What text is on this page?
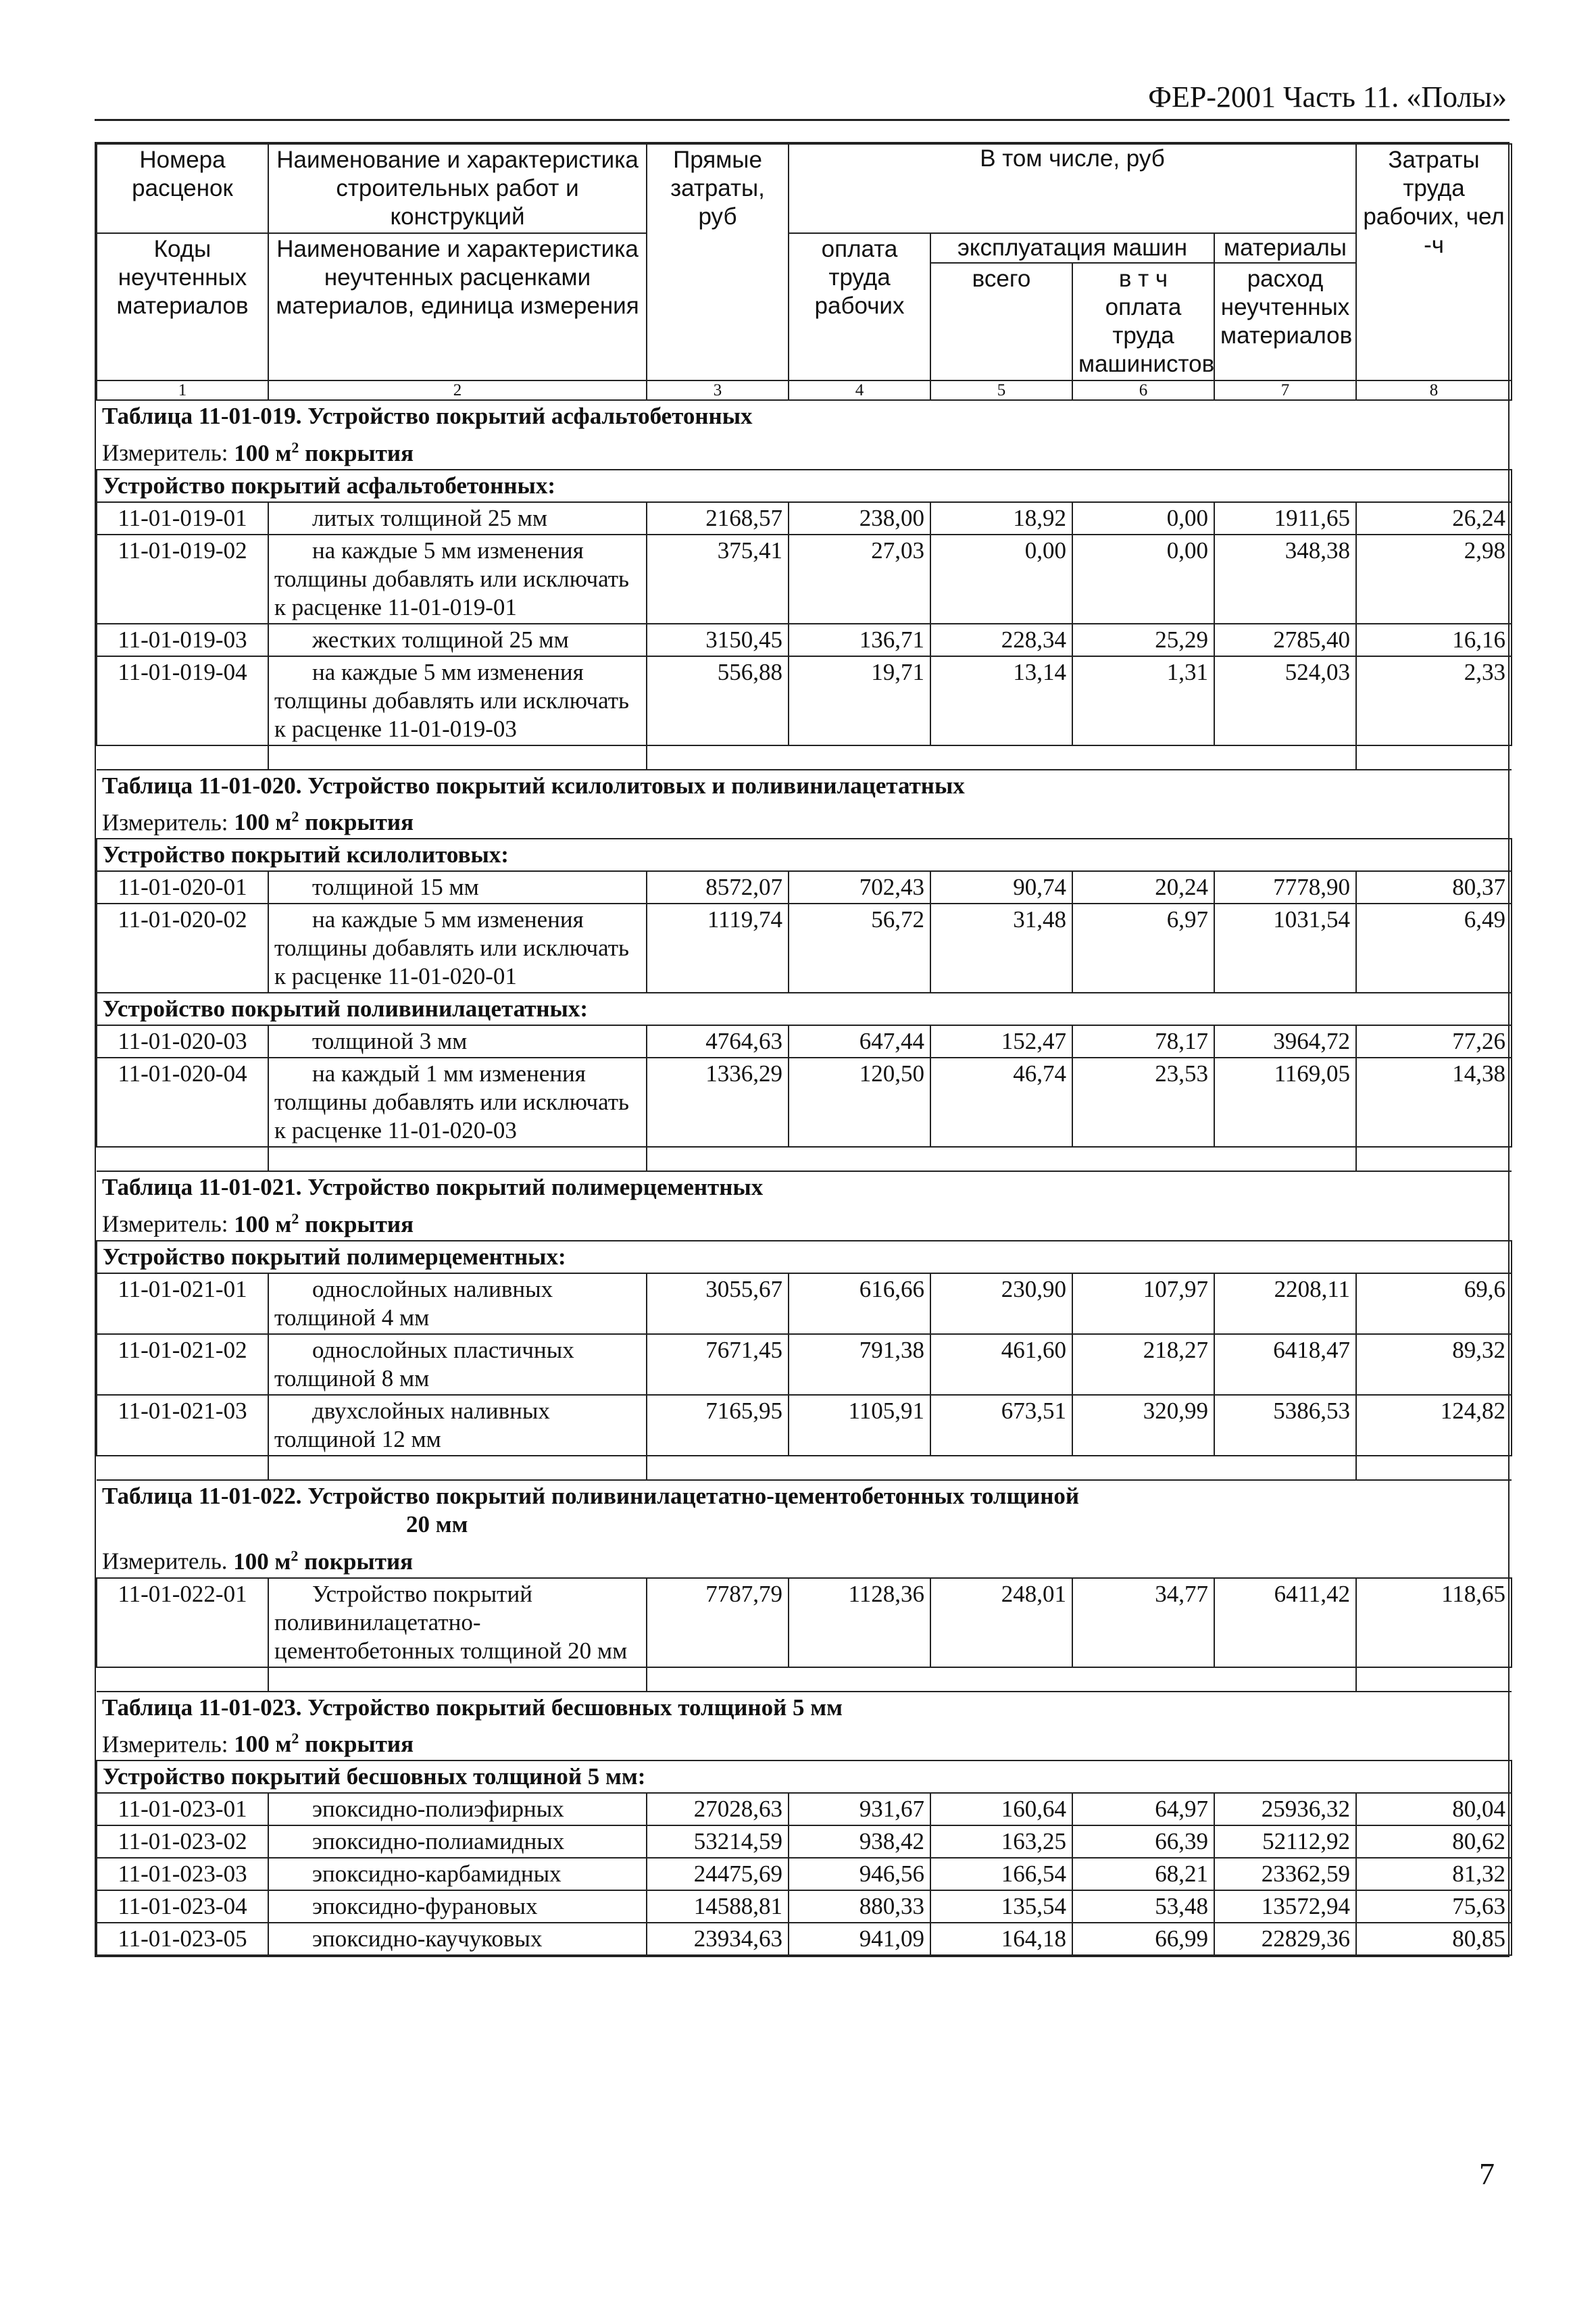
ФЕР-2001 Часть 11. «Полы»
Номера расценок	Наименование и характеристика строительных работ и конструкций	Прямые затраты, руб	В том числе, руб				Затраты труда рабочих, чел -ч
Коды неучтенных материалов	Наименование и характеристика неучтенных расценками материалов, единица измерения		оплата труда рабочих	эксплуатация машин		материалы	
				всего	в т ч оплата труда машинистов	расход неучтенных материалов	
1	2	3	4	5	6	7	8
Таблица 11-01-019. Устройство покрытий асфальтобетонных							
Измеритель: 100 $м^2$ покрытия							
Устройство покрытий асфальтобетонных:							
11-01-019-01	литых толщиной 25 мм	2168,57	238,00	18,92	0,00	1911,65	26,24
11-01-019-02	на каждые 5 мм изменения толщины добавлять или исключать к расценке 11-01-019-01	375,41	27,03	0,00	0,00	348,38	2,98
11-01-019-03	жестких толщиной 25 мм	3150,45	136,71	228,34	25,29	2785,40	16,16
11-01-019-04	на каждые 5 мм изменения толщины добавлять или исключать к расценке 11-01-019-03	556,88	19,71	13,14	1,31	524,03	2,33

Таблица 11-01-020. Устройство покрытий ксилолитовых и поливинилацетатных							
Измеритель: 100 $м^2$ покрытия							
Устройство покрытий ксилолитовых:							
11-01-020-01	толщиной 15 мм	8572,07	702,43	90,74	20,24	7778,90	80,37
11-01-020-02	на каждые 5 мм изменения толщины добавлять или исключать к расценке 11-01-020-01	1119,74	56,72	31,48	6,97	1031,54	6,49
Устройство покрытий поливинилацетатных:							
11-01-020-03	толщиной 3 мм	4764,63	647,44	152,47	78,17	3964,72	77,26
11-01-020-04	на каждый 1 мм изменения толщины добавлять или исключать к расценке 11-01-020-03	1336,29	120,50	46,74	23,53	1169,05	14,38

Таблица 11-01-021. Устройство покрытий полимерцементных							
Измеритель: 100 $м^2$ покрытия							
Устройство покрытий полимерцементных:							
11-01-021-01	однослойных наливных толщиной 4 мм	3055,67	616,66	230,90	107,97	2208,11	69,6
11-01-021-02	однослойных пластичных толщиной 8 мм	7671,45	791,38	461,60	218,27	6418,47	89,32
11-01-021-03	двухслойных наливных толщиной 12 мм	7165,95	1105,91	673,51	320,99	5386,53	124,82

Таблица 11-01-022. Устройство покрытий поливинилацетатно-цементобетонных толщиной
20 мм							

Измеритель. 100 $м^2$ покрытия							
11-01-022-01	Устройство покрытий поливинилацетатно-цементобетонных толщиной 20 мм	7787,79	1128,36	248,01	34,77	6411,42	118,65

Таблица 11-01-023. Устройство покрытий бесшовных толщиной 5 мм							
Измеритель: 100 $м^2$ покрытия							
Устройство покрытий бесшовных толщиной 5 мм:							
11-01-023-01	эпоксидно-полиэфирных	27028,63	931,67	160,64	64,97	25936,32	80,04
11-01-023-02	эпоксидно-полиамидных	53214,59	938,42	163,25	66,39	52112,92	80,62
11-01-023-03	эпоксидно-карбамидных	24475,69	946,56	166,54	68,21	23362,59	81,32
11-01-023-04	эпоксидно-фурановых	14588,81	880,33	135,54	53,48	13572,94	75,63
11-01-023-05	эпоксидно-каучуковых	23934,63	941,09	164,18	66,99	22829,36	80,85
7
